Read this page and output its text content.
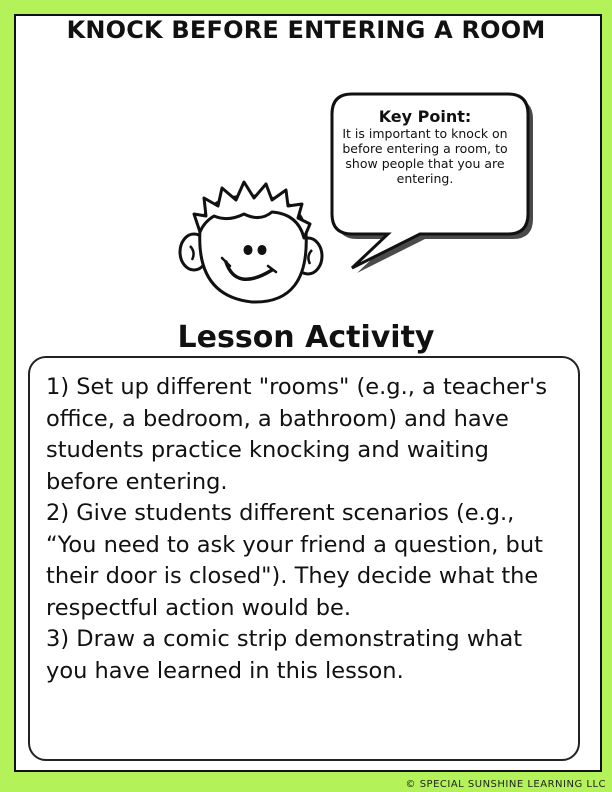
KNOCK BEFORE ENTERING A ROOM
Key Point:
It is important to knock on before entering a room, to show people that you are entering.
Lesson Activity

1) Set up different "rooms" (e.g., a teacher's office, a bedroom, a bathroom) and have students practice knocking and waiting before entering.

2) Give students different scenarios (e.g., “You need to ask your friend a question, but their door is closed"). They decide what the respectful action would be.

3) Draw a comic strip demonstrating what you have learned in this lesson.

© SPECIAL SUNSHINE LEARNING LLC
